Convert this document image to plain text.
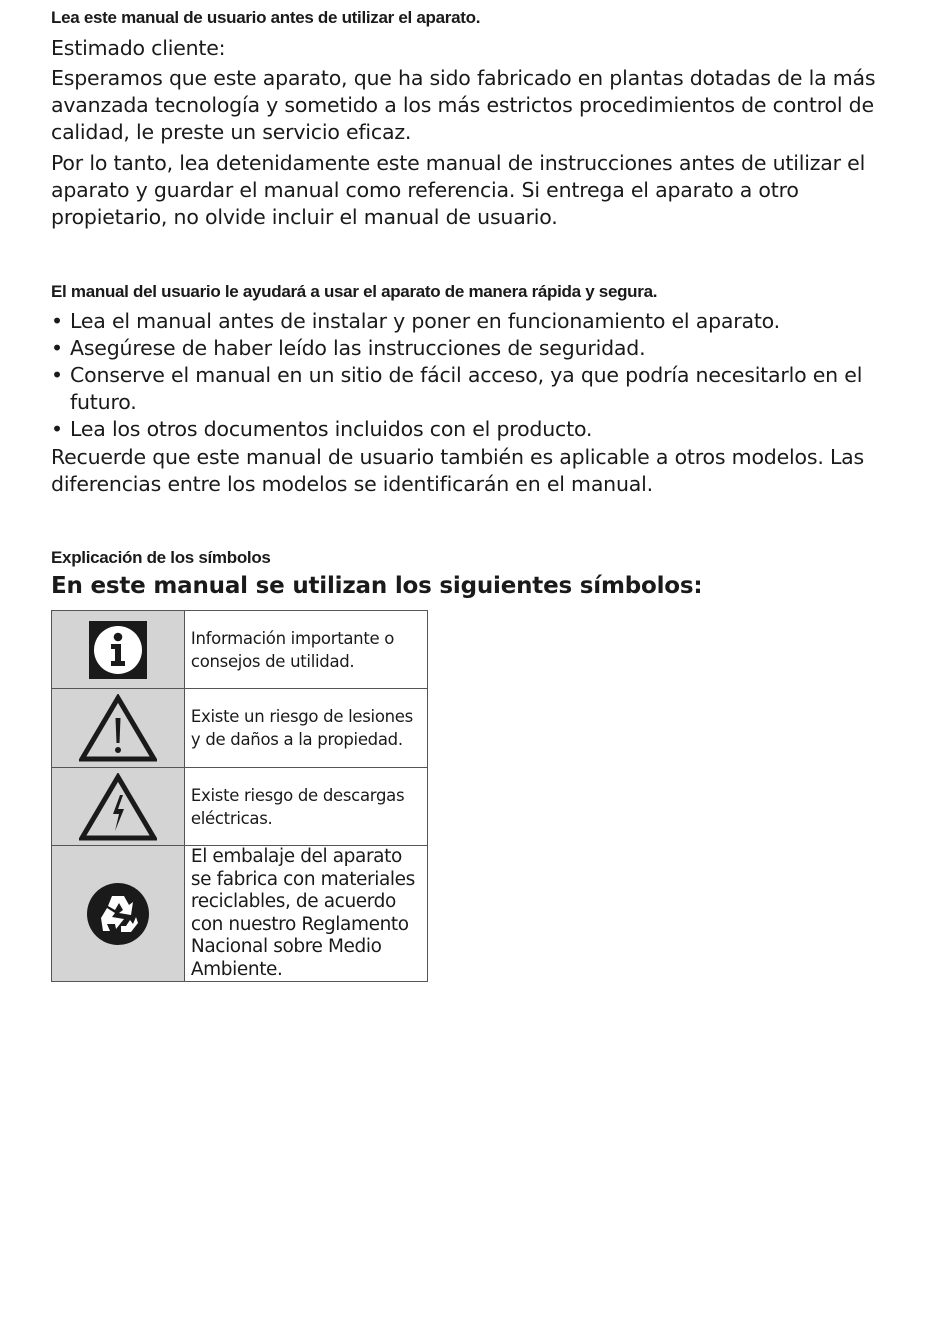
Lea este manual de usuario antes de utilizar el aparato.

Estimado cliente:

Esperamos que este aparato, que ha sido fabricado en plantas dotadas de la más avanzada tecnología y sometido a los más estrictos procedimientos de control de calidad, le preste un servicio eficaz.

Por lo tanto, lea detenidamente este manual de instrucciones antes de utilizar el aparato y guardar el manual como referencia. Si entrega el aparato a otro propietario, no olvide incluir el manual de usuario.

El manual del usuario le ayudará a usar el aparato de manera rápida y segura.
• Lea el manual antes de instalar y poner en funcionamiento el aparato.
• Asegúrese de haber leído las instrucciones de seguridad.
• Conserve el manual en un sitio de fácil acceso, ya que podría necesitarlo en el futuro.
• Lea los otros documentos incluidos con el producto.

Recuerde que este manual de usuario también es aplicable a otros modelos. Las diferencias entre los modelos se identificarán en el manual.

Explicación de los símbolos
En este manual se utilizan los siguientes símbolos:
	Información importante o consejos de utilidad.

	Existe un riesgo de lesiones y de daños a la propiedad.

	Existe riesgo de descargas eléctricas.

	El embalaje del aparato se fabrica con materiales reciclables, de acuerdo con nuestro Reglamento Nacional sobre Medio Ambiente.
